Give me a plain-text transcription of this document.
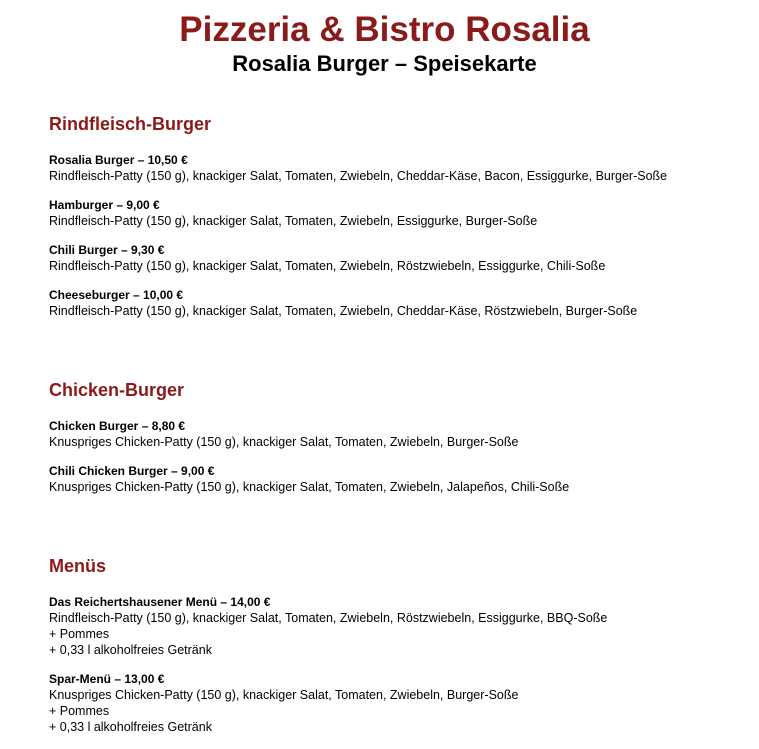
Pizzeria & Bistro Rosalia
Rosalia Burger – Speisekarte
Rindfleisch-Burger
Rosalia Burger – 10,50 €
Rindfleisch-Patty (150 g), knackiger Salat, Tomaten, Zwiebeln, Cheddar-Käse, Bacon, Essiggurke, Burger-Soße
Hamburger – 9,00 €
Rindfleisch-Patty (150 g), knackiger Salat, Tomaten, Zwiebeln, Essiggurke, Burger-Soße
Chili Burger – 9,30 €
Rindfleisch-Patty (150 g), knackiger Salat, Tomaten, Zwiebeln, Röstzwiebeln, Essiggurke, Chili-Soße
Cheeseburger – 10,00 €
Rindfleisch-Patty (150 g), knackiger Salat, Tomaten, Zwiebeln, Cheddar-Käse, Röstzwiebeln, Burger-Soße
Chicken-Burger
Chicken Burger – 8,80 €
Knuspriges Chicken-Patty (150 g), knackiger Salat, Tomaten, Zwiebeln, Burger-Soße
Chili Chicken Burger – 9,00 €
Knuspriges Chicken-Patty (150 g), knackiger Salat, Tomaten, Zwiebeln, Jalapeños, Chili-Soße
Menüs
Das Reichertshausener Menü – 14,00 €
Rindfleisch-Patty (150 g), knackiger Salat, Tomaten, Zwiebeln, Röstzwiebeln, Essiggurke, BBQ-Soße
+ Pommes
+ 0,33 l alkoholfreies Getränk
Spar-Menü – 13,00 €
Knuspriges Chicken-Patty (150 g), knackiger Salat, Tomaten, Zwiebeln, Burger-Soße
+ Pommes
+ 0,33 l alkoholfreies Getränk
